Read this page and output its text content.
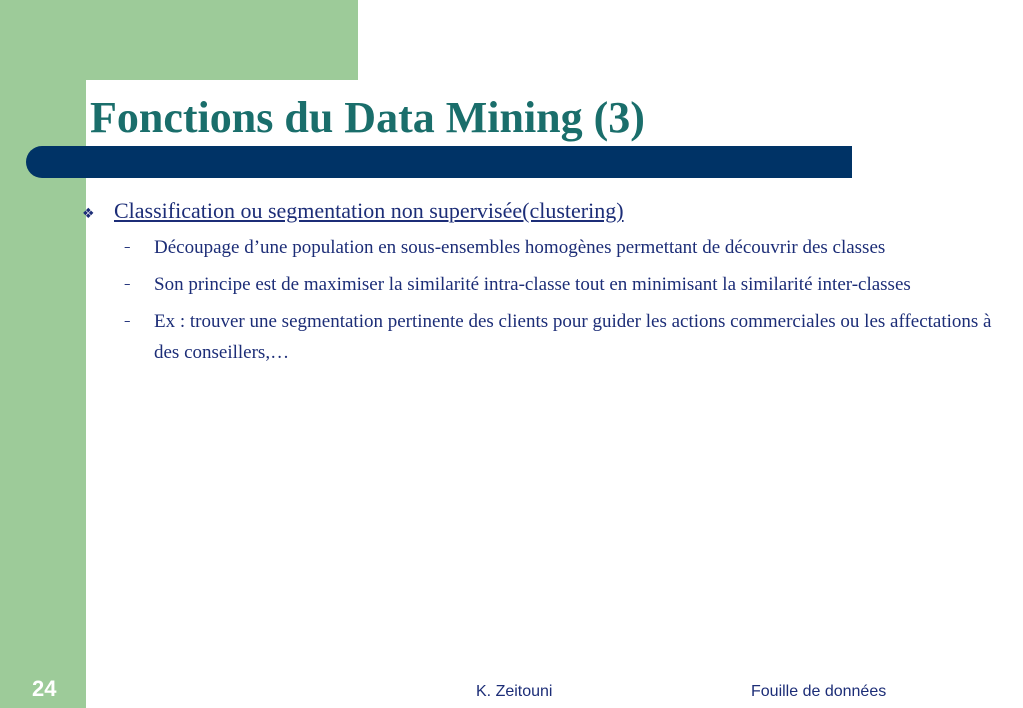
Fonctions du Data Mining (3)
❖ Classification ou segmentation non supervisée(clustering)
– Découpage d’une population en sous-ensembles homogènes permettant de découvrir des classes
– Son principe est de maximiser la similarité intra-classe tout en minimisant la similarité inter-classes
– Ex : trouver une segmentation pertinente des clients pour guider les actions commerciales ou les affectations à des conseillers,…
24	K. Zeitouni	Fouille de données
